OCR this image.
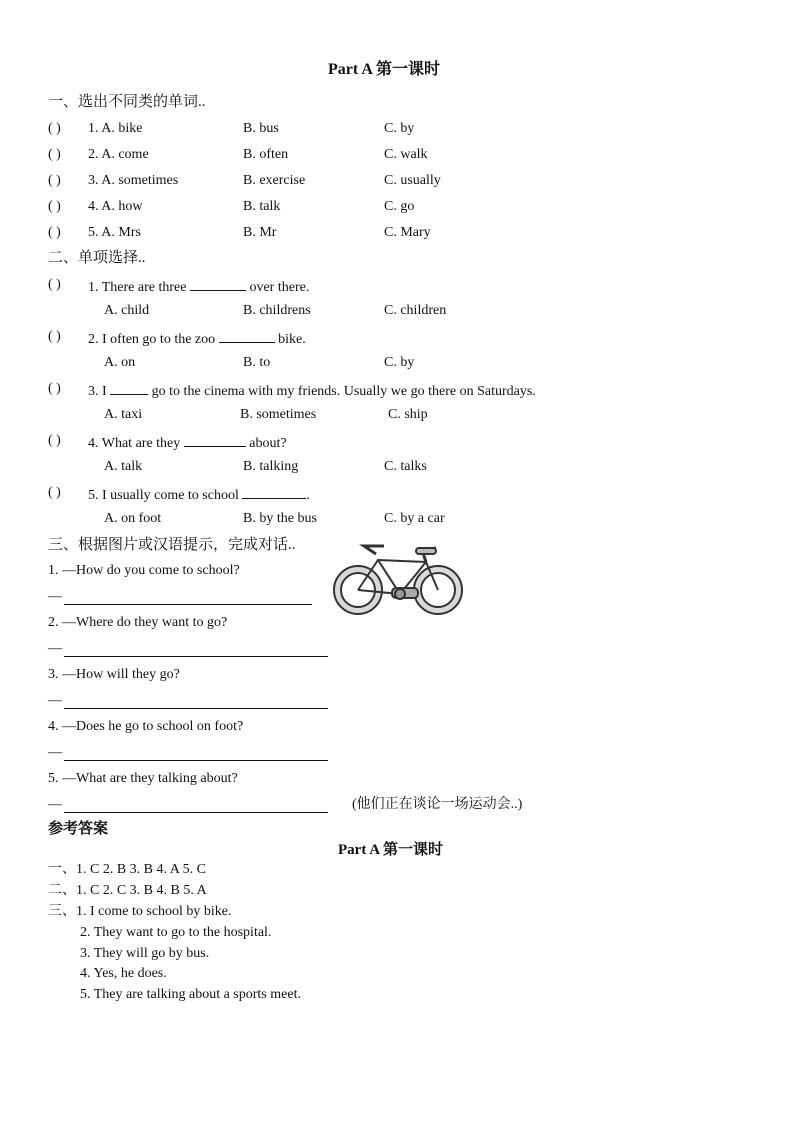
Part A 第一课时
一、选出不同类的单词..
( ) 1. A. bike	B. bus	C. by
( ) 2. A. come	B. often	C. walk
( ) 3. A. sometimes	B. exercise	C. usually
( ) 4. A. how	B. talk	C. go
( ) 5. A. Mrs	B. Mr	C. Mary
二、单项选择..
( ) 1. There are three	over there.
A. child	B. childrens	C. children
( ) 2. I often go to the zoo	bike.
A. on	B. to	C. by
( ) 3. I	go to the cinema with my friends. Usually we go there on Saturdays.
A. taxi	B. sometimes	C. ship
( ) 4. What are they	about?
A. talk	B. talking	C. talks
( ) 5. I usually come to school	.
A. on foot	B. by the bus	C. by a car
三、根据图片或汉语提示，完成对话..
1. —How do you come to school?
—
2. —Where do they want to go?
—
3. —How will they go?
—
4. —Does he go to school on foot?
—
5. —What are they talking about?
—	(他们正在谈论一场运动会..)
参考答案
Part A 第一课时
一、1. C 2. B 3. B 4. A 5. C
二、1. C 2. C 3. B 4. B 5. A
三、1. I come to school by bike.
2. They want to go to the hospital.
3. They will go by bus.
4. Yes, he does.
5. They are talking about a sports meet.
